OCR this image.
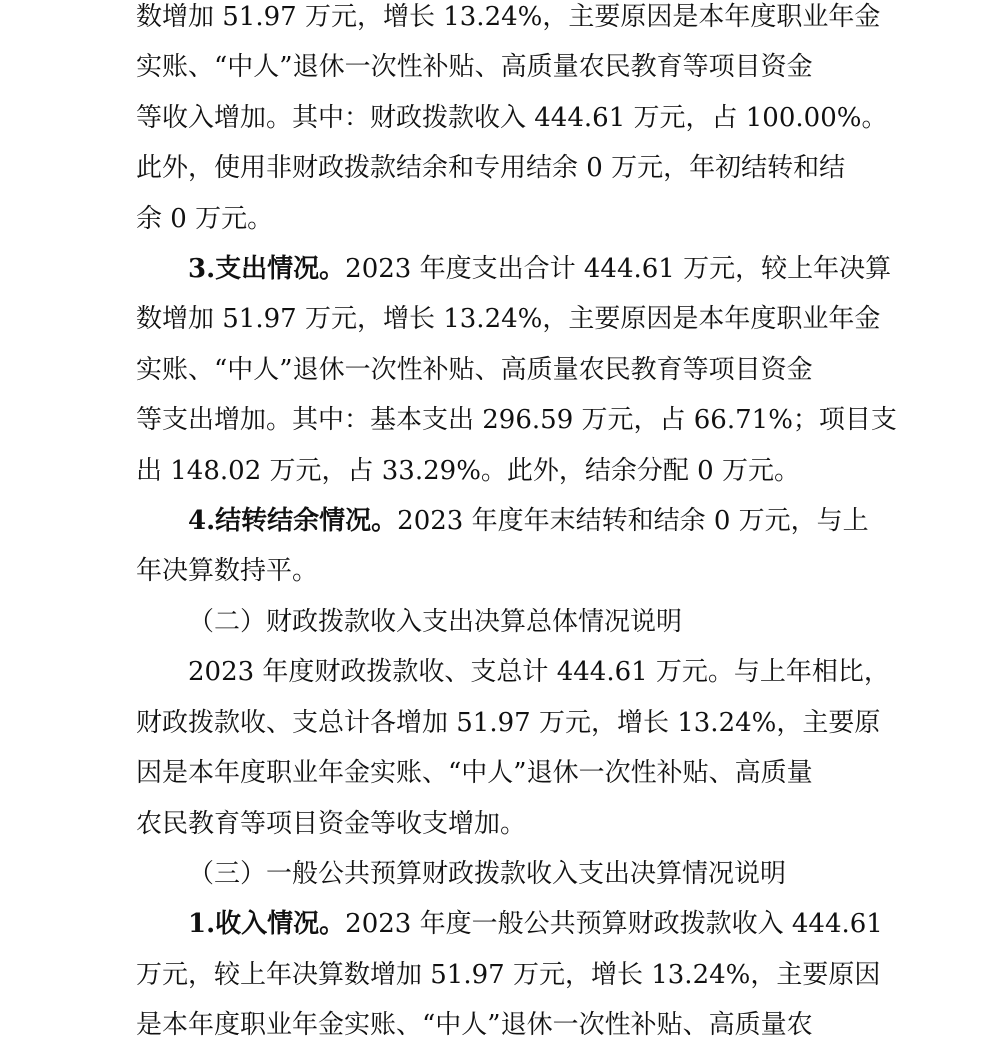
数增加 51.97 万元，增长 13.24%，主要原因是本年度职业年金
实账、“中人”退休一次性补贴、高质量农民教育等项目资金
等收入增加。其中：财政拨款收入 444.61 万元，占 100.00%。
此外，使用非财政拨款结余和专用结余 0 万元，年初结转和结
余 0 万元。
3.支出情况。2023 年度支出合计 444.61 万元，较上年决算
数增加 51.97 万元，增长 13.24%，主要原因是本年度职业年金
实账、“中人”退休一次性补贴、高质量农民教育等项目资金
等支出增加。其中：基本支出 296.59 万元，占 66.71%；项目支
出 148.02 万元，占 33.29%。此外，结余分配 0 万元。
4.结转结余情况。2023 年度年末结转和结余 0 万元，与上
年决算数持平。
（二）财政拨款收入支出决算总体情况说明
2023 年度财政拨款收、支总计 444.61 万元。与上年相比，
财政拨款收、支总计各增加 51.97 万元，增长 13.24%，主要原
因是本年度职业年金实账、“中人”退休一次性补贴、高质量
农民教育等项目资金等收支增加。
（三）一般公共预算财政拨款收入支出决算情况说明
1.收入情况。2023 年度一般公共预算财政拨款收入 444.61
万元，较上年决算数增加 51.97 万元，增长 13.24%，主要原因
是本年度职业年金实账、“中人”退休一次性补贴、高质量农
